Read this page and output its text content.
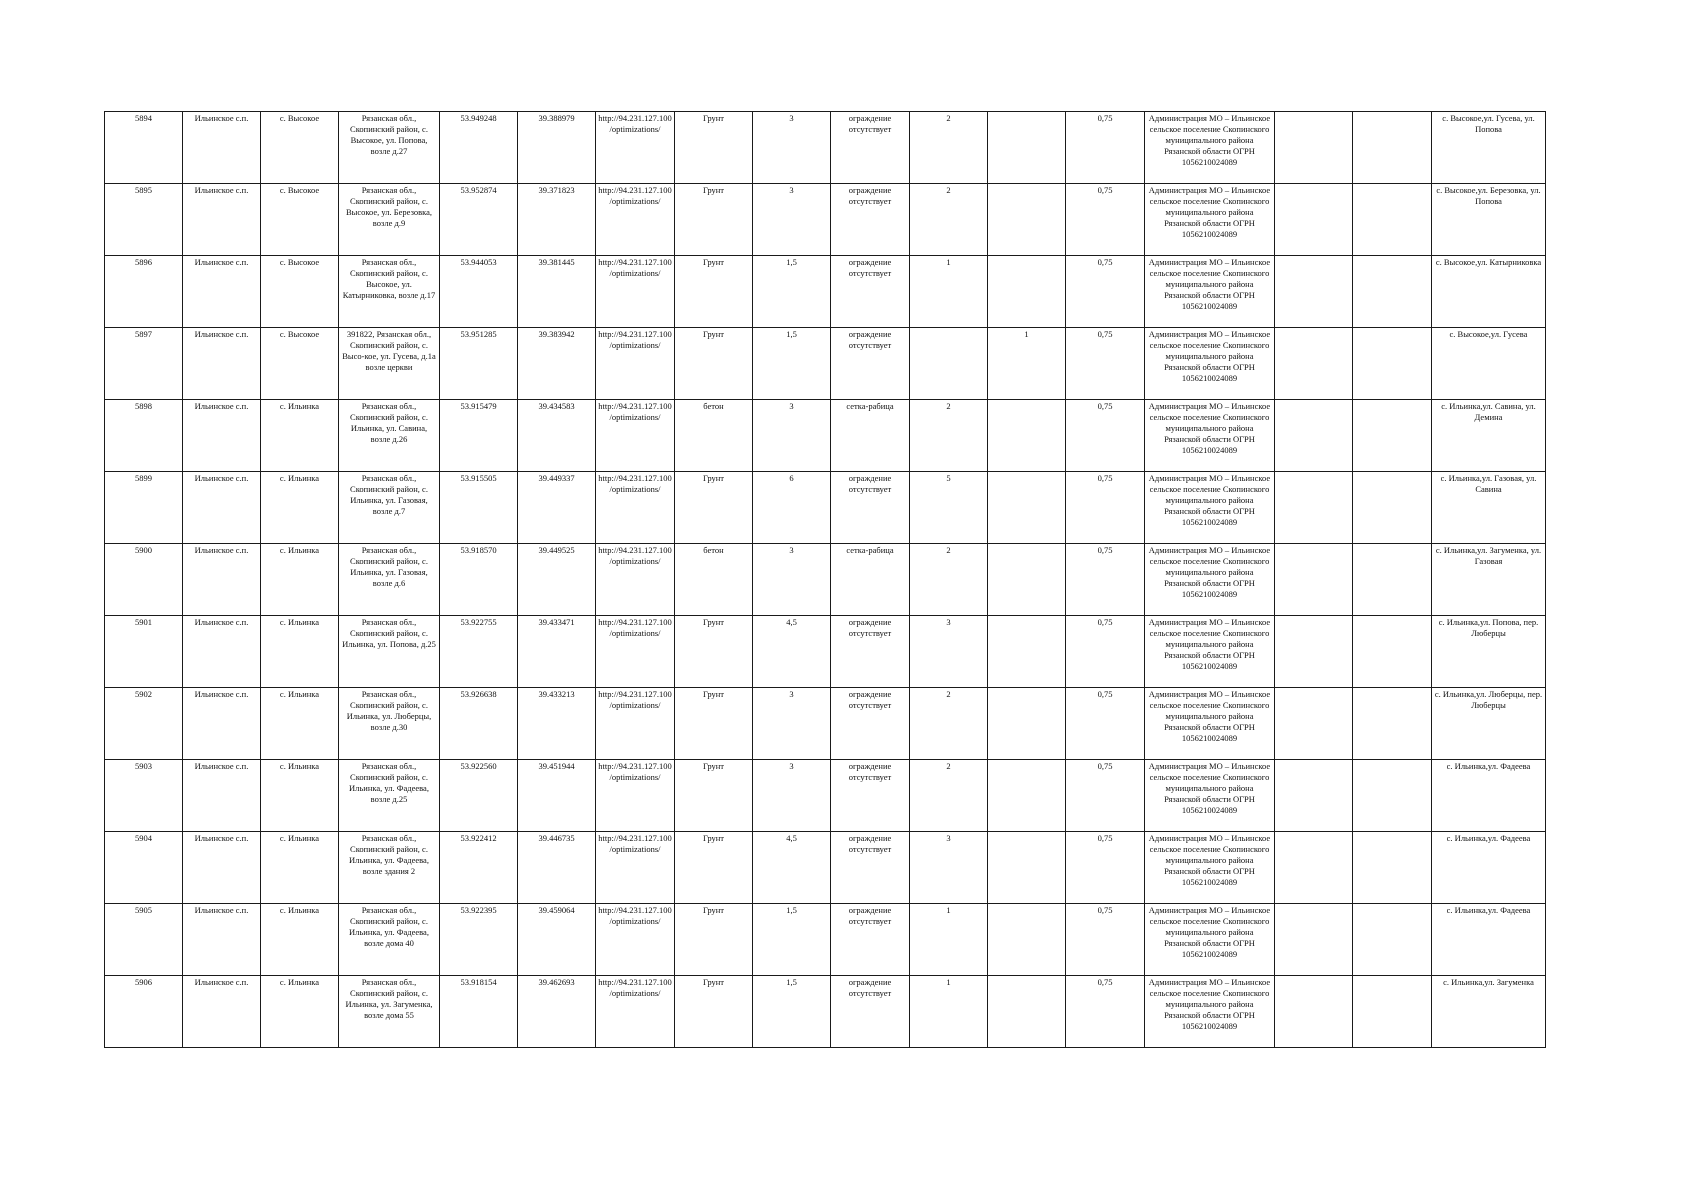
5894	Ильинское с.п.	с. Высокое	Рязанская обл., Скопинский район, с. Высокое, ул. Попова, возле д.27	53.949248	39.388979	http://94.231.127.100/optimizations/	Грунт	3	ограждение отсутствует	2		0,75	Администрация МО – Ильинское сельское поселение Скопинского муниципального района Рязанской области ОГРН 1056210024089			с. Высокое,ул. Гусева, ул. Попова
5895	Ильинское с.п.	с. Высокое	Рязанская обл., Скопинский район, с. Высокое, ул. Березовка, возле д.9	53.952874	39.371823	http://94.231.127.100/optimizations/	Грунт	3	ограждение отсутствует	2		0,75	Администрация МО – Ильинское сельское поселение Скопинского муниципального района Рязанской области ОГРН 1056210024089			с. Высокое,ул. Березовка, ул. Попова
5896	Ильинское с.п.	с. Высокое	Рязанская обл., Скопинский район, с. Высокое, ул. Катырниковка, возле д.17	53.944053	39.381445	http://94.231.127.100/optimizations/	Грунт	1,5	ограждение отсутствует	1		0,75	Администрация МО – Ильинское сельское поселение Скопинского муниципального района Рязанской области ОГРН 1056210024089			с. Высокое,ул. Катырниковка
5897	Ильинское с.п.	с. Высокое	391822, Рязанская обл., Скопинский район, с. Высо-кое, ул. Гусева, д.1а возле церкви	53.951285	39.383942	http://94.231.127.100/optimizations/	Грунт	1,5	ограждение отсутствует		1	0,75	Администрация МО – Ильинское сельское поселение Скопинского муниципального района Рязанской области ОГРН 1056210024089			с. Высокое,ул. Гусева
5898	Ильинское с.п.	с. Ильинка	Рязанская обл., Скопинский район, с. Ильинка, ул. Савина, возле д.26	53.915479	39.434583	http://94.231.127.100/optimizations/	бетон	3	сетка-рабица	2		0,75	Администрация МО – Ильинское сельское поселение Скопинского муниципального района Рязанской области ОГРН 1056210024089			с. Ильинка,ул. Савина, ул. Демина
5899	Ильинское с.п.	с. Ильинка	Рязанская обл., Скопинский район, с. Ильинка, ул. Газовая, возле д.7	53.915505	39.449337	http://94.231.127.100/optimizations/	Грунт	6	ограждение отсутствует	5		0,75	Администрация МО – Ильинское сельское поселение Скопинского муниципального района Рязанской области ОГРН 1056210024089			с. Ильинка,ул. Газовая, ул. Савина
5900	Ильинское с.п.	с. Ильинка	Рязанская обл., Скопинский район, с. Ильинка, ул. Газовая, возле д.6	53.918570	39.449525	http://94.231.127.100/optimizations/	бетон	3	сетка-рабица	2		0,75	Администрация МО – Ильинское сельское поселение Скопинского муниципального района Рязанской области ОГРН 1056210024089			с. Ильинка,ул. Загуменка, ул. Газовая
5901	Ильинское с.п.	с. Ильинка	Рязанская обл., Скопинский район, с. Ильинка, ул. Попова, д.25	53.922755	39.433471	http://94.231.127.100/optimizations/	Грунт	4,5	ограждение отсутствует	3		0,75	Администрация МО – Ильинское сельское поселение Скопинского муниципального района Рязанской области ОГРН 1056210024089			с. Ильинка,ул. Попова, пер. Люберцы
5902	Ильинское с.п.	с. Ильинка	Рязанская обл., Скопинский район, с. Ильинка, ул. Люберцы, возле д.30	53.926638	39.433213	http://94.231.127.100/optimizations/	Грунт	3	ограждение отсутствует	2		0,75	Администрация МО – Ильинское сельское поселение Скопинского муниципального района Рязанской области ОГРН 1056210024089			с. Ильинка,ул. Люберцы, пер. Люберцы
5903	Ильинское с.п.	с. Ильинка	Рязанская обл., Скопинский район, с. Ильинка, ул. Фадеева, возле д.25	53.922560	39.451944	http://94.231.127.100/optimizations/	Грунт	3	ограждение отсутствует	2		0,75	Администрация МО – Ильинское сельское поселение Скопинского муниципального района Рязанской области ОГРН 1056210024089			с. Ильинка,ул. Фадеева
5904	Ильинское с.п.	с. Ильинка	Рязанская обл., Скопинский район, с. Ильинка, ул. Фадеева, возле здания 2	53.922412	39.446735	http://94.231.127.100/optimizations/	Грунт	4,5	ограждение отсутствует	3		0,75	Администрация МО – Ильинское сельское поселение Скопинского муниципального района Рязанской области ОГРН 1056210024089			с. Ильинка,ул. Фадеева
5905	Ильинское с.п.	с. Ильинка	Рязанская обл., Скопинский район, с. Ильинка, ул. Фадеева, возле дома 40	53.922395	39.459064	http://94.231.127.100/optimizations/	Грунт	1,5	ограждение отсутствует	1		0,75	Администрация МО – Ильинское сельское поселение Скопинского муниципального района Рязанской области ОГРН 1056210024089			с. Ильинка,ул. Фадеева
5906	Ильинское с.п.	с. Ильинка	Рязанская обл., Скопинский район, с. Ильинка, ул. Загуменка, возле дома 55	53.918154	39.462693	http://94.231.127.100/optimizations/	Грунт	1,5	ограждение отсутствует	1		0,75	Администрация МО – Ильинское сельское поселение Скопинского муниципального района Рязанской области ОГРН 1056210024089			с. Ильинка,ул. Загуменка
